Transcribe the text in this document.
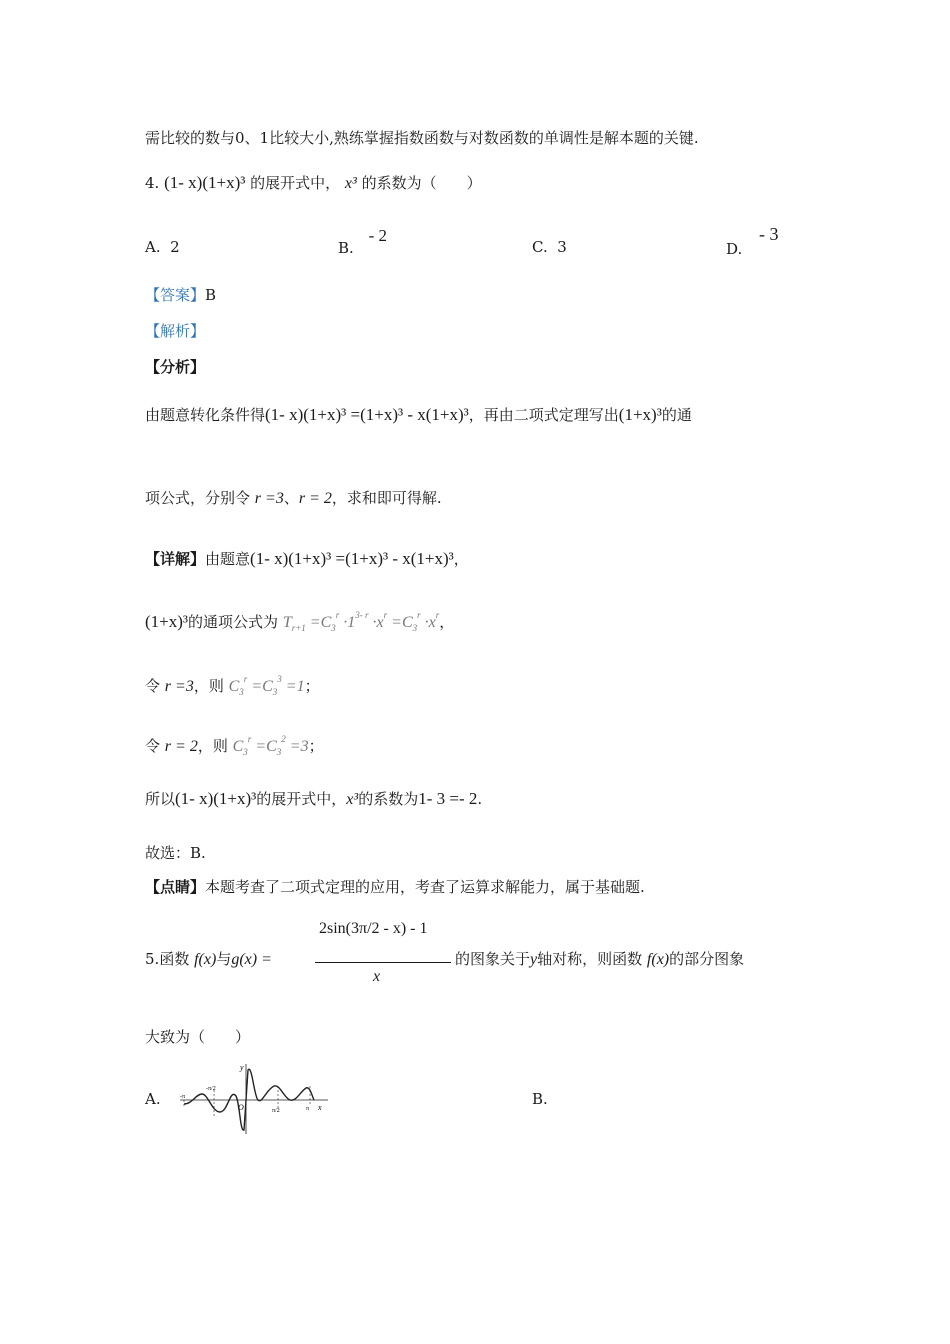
需比较的数与0、1比较大小,熟练掌握指数函数与对数函数的单调性是解本题的关键.
4. (1- x)(1+x)³ 的展开式中， x³ 的系数为（　　）
A. 2	B. - 2
C. 3	D. - 3
【答案】B
【解析】
【分析】
由题意转化条件得(1- x)(1+x)³ =(1+x)³ - x(1+x)³，再由二项式定理写出(1+x)³的通
项公式，分别令 r =3、r = 2，求和即可得解.
【详解】由题意(1- x)(1+x)³ =(1+x)³ - x(1+x)³，
(1+x)³的通项公式为 $T_{r+1} =C_3^r \cdot 1^{3- r} \cdot x^r =C_3^r \cdot x^r$，
令 r =3，则 $C_3^r =C_3^3 =1$；
令 r = 2，则 $C_3^r =C_3^2 =3$；
所以(1- x)(1+x)³的展开式中，x³的系数为1- 3 =- 2.
故选：B.
【点睛】本题考查了二项式定理的应用，考查了运算求解能力，属于基础题.
5.函数 f(x)与g(x) =
2sin(3π/2 - x) - 1
x
的图象关于y轴对称，则函数 f(x)的部分图象
大致为（　　）
A.	B.
y
O	x
-π
-π/2
π/2	π
